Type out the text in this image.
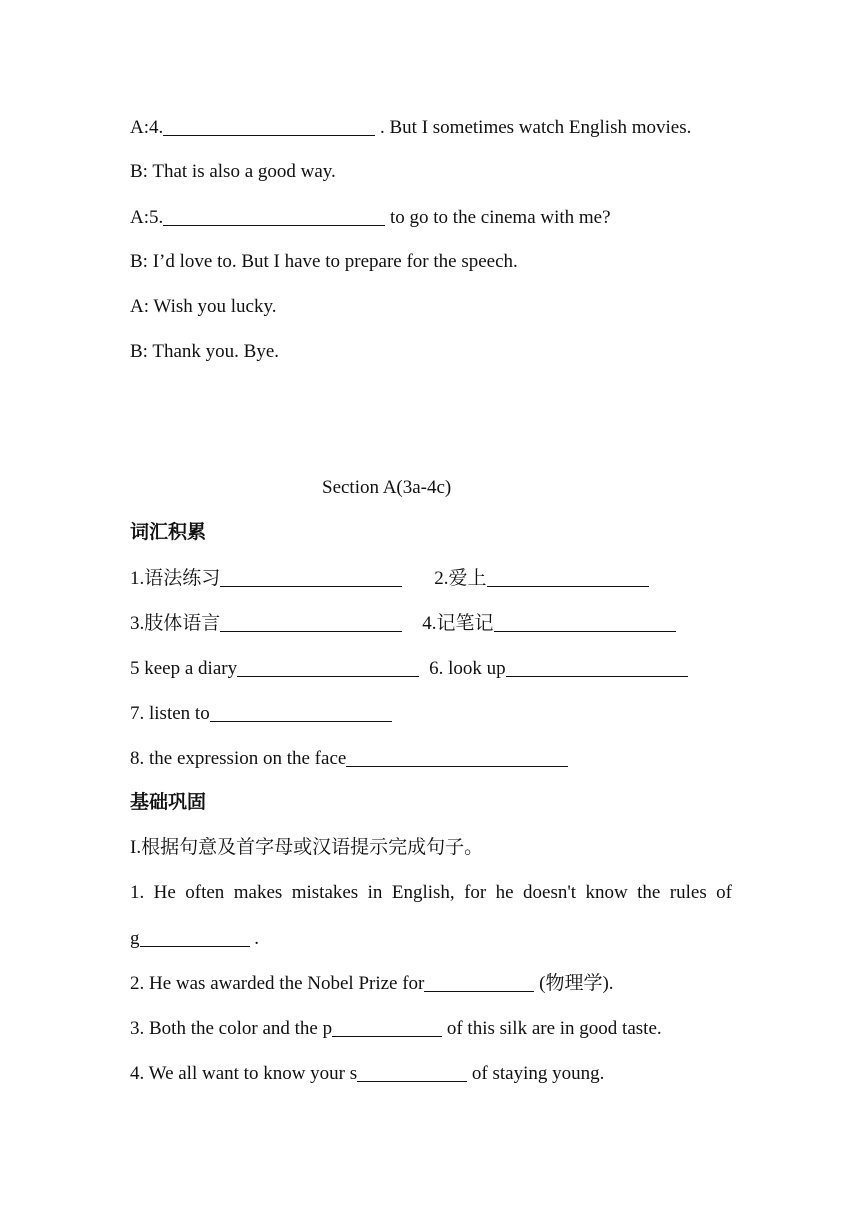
A:4.	. But I sometimes watch English movies.
B: That is also a good way.
A:5.	to go to the cinema with me?
B: I’d love to. But I have to prepare for the speech.
A: Wish you lucky.
B: Thank you. Bye.
Section A(3a-4c)
词汇积累
1.语法练习	2.爱上
3.肢体语言	4.记笔记
5 keep a diary	6. look up
7. listen to
8. the expression on the face
基础巩固
I.根据句意及首字母或汉语提示完成句子。
1. He often makes mistakes in English, for he doesn't know the rules of
g	.
2. He was awarded the Nobel Prize for	(物理学).
3. Both the color and the p	of this silk are in good taste.
4. We all want to know your s	of staying young.
